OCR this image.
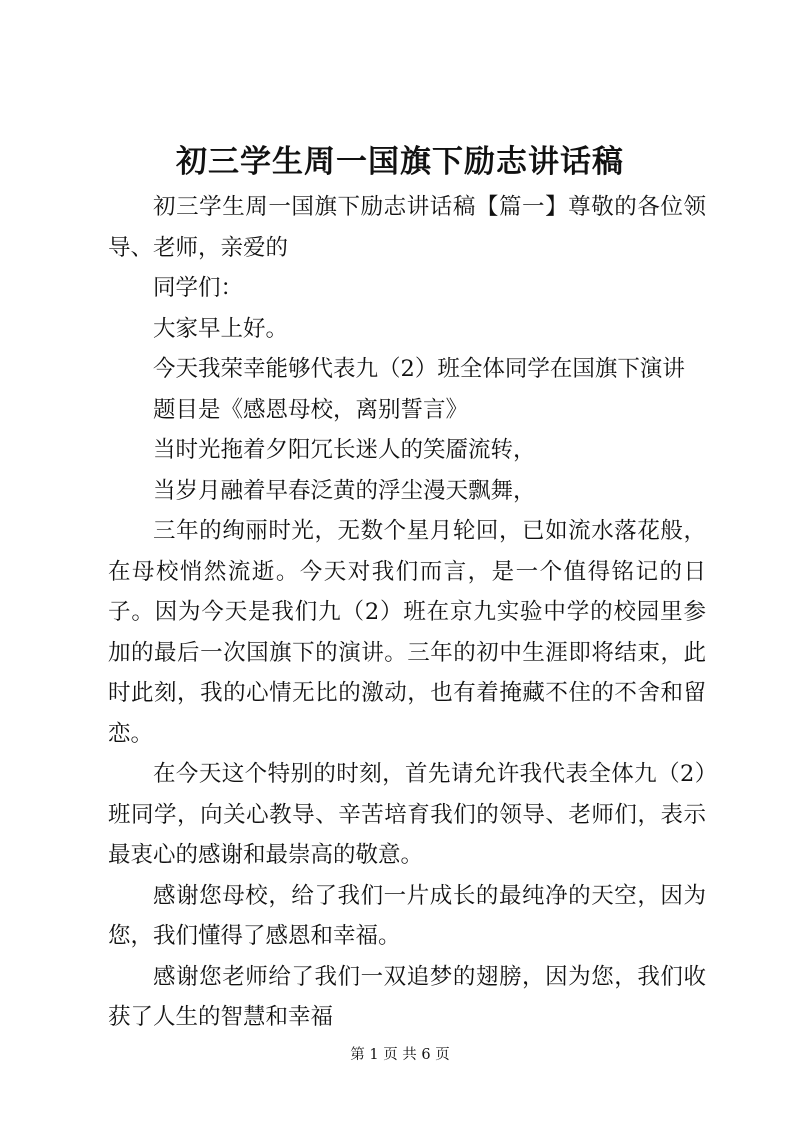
初三学生周一国旗下励志讲话稿

初三学生周一国旗下励志讲话稿【篇一】尊敬的各位领导、老师，亲爱的

同学们：

大家早上好。

今天我荣幸能够代表九（2）班全体同学在国旗下演讲

题目是《感恩母校，离别誓言》

当时光拖着夕阳冗长迷人的笑靥流转，

当岁月融着早春泛黄的浮尘漫天飘舞，

三年的绚丽时光，无数个星月轮回，已如流水落花般，在母校悄然流逝。今天对我们而言，是一个值得铭记的日子。因为今天是我们九（2）班在京九实验中学的校园里参加的最后一次国旗下的演讲。三年的初中生涯即将结束，此时此刻，我的心情无比的激动，也有着掩藏不住的不舍和留恋。

在今天这个特别的时刻，首先请允许我代表全体九（2）班同学，向关心教导、辛苦培育我们的领导、老师们，表示最衷心的感谢和最崇高的敬意。

感谢您母校，给了我们一片成长的最纯净的天空，因为您，我们懂得了感恩和幸福。

感谢您老师给了我们一双追梦的翅膀，因为您，我们收获了人生的智慧和幸福

第 1 页 共 6 页
